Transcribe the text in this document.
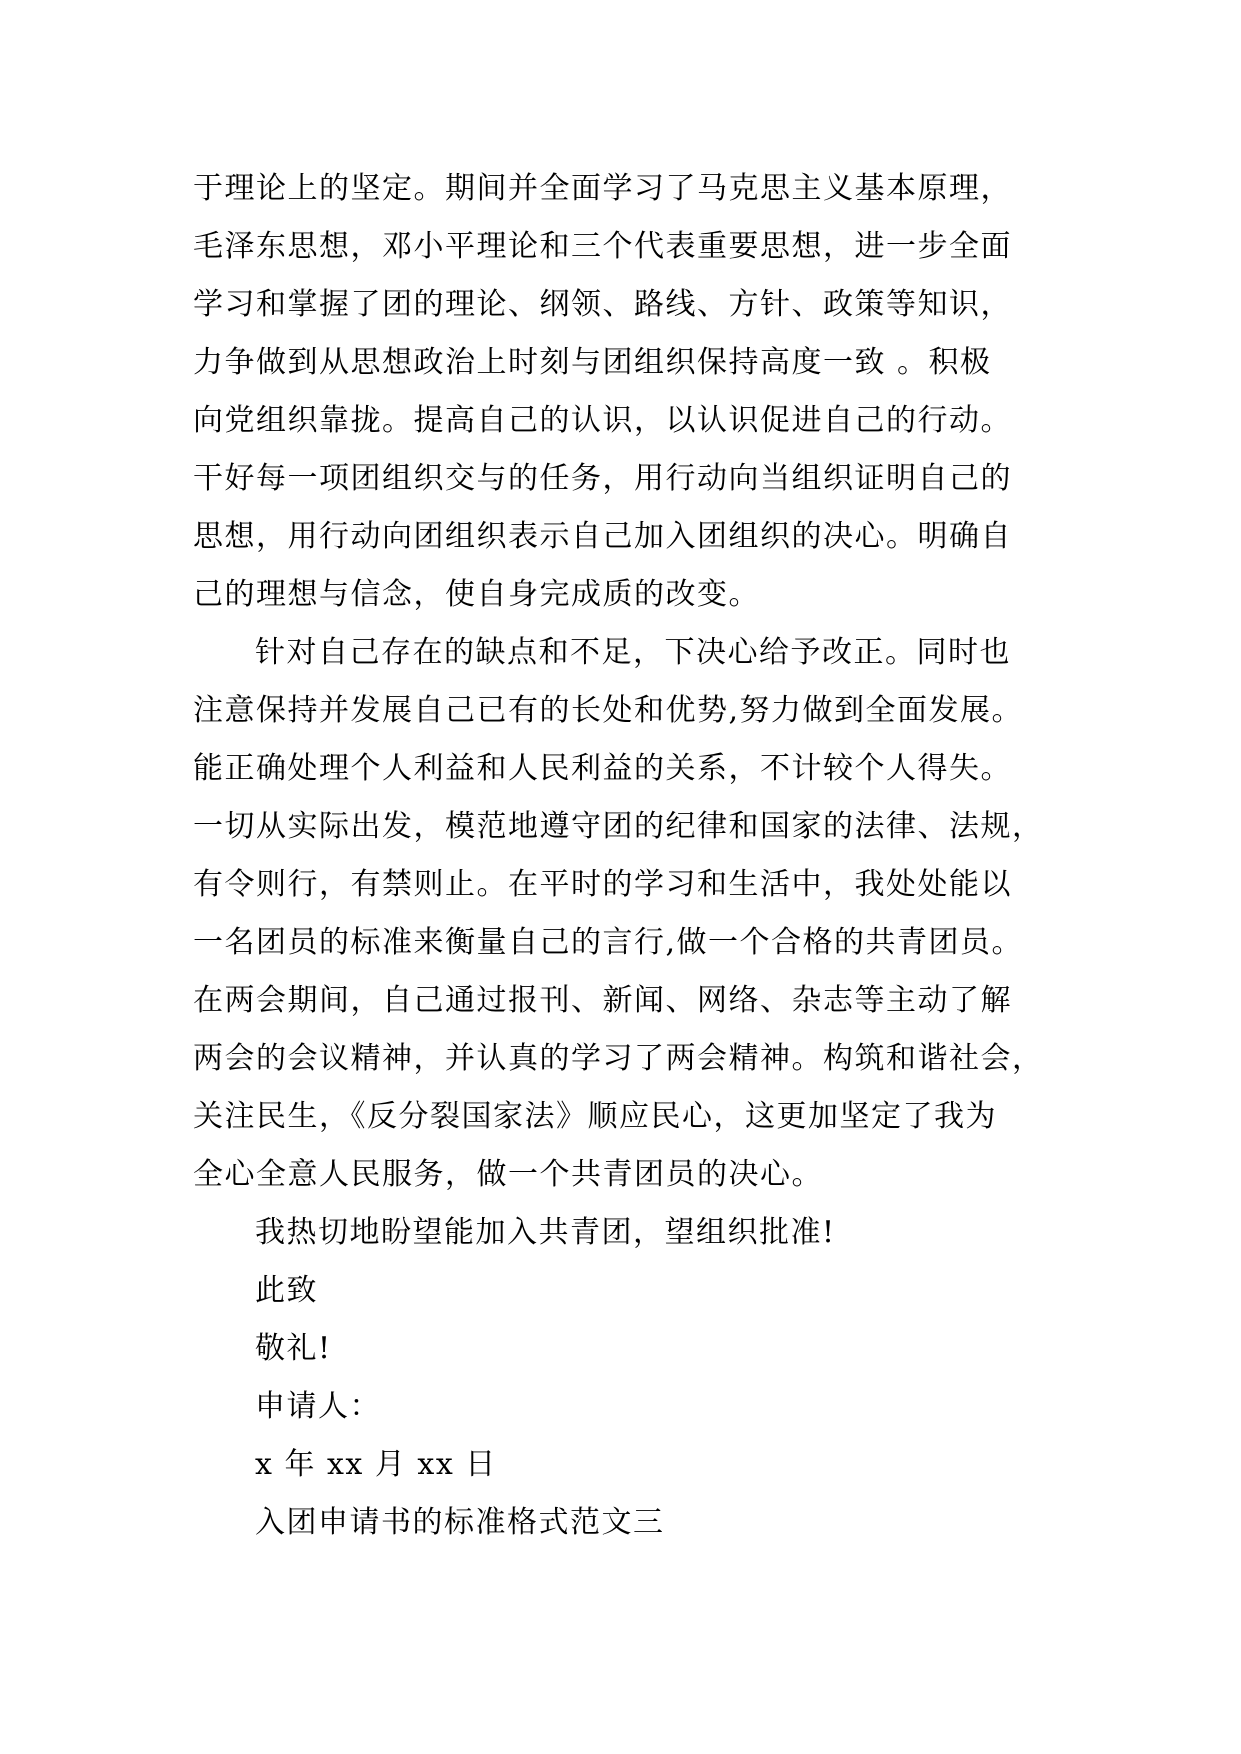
于理论上的坚定。期间并全面学习了马克思主义基本原理，
毛泽东思想，邓小平理论和三个代表重要思想，进一步全面
学习和掌握了团的理论、纲领、路线、方针、政策等知识，
力争做到从思想政治上时刻与团组织保持高度一致 。积极
向党组织靠拢。提高自己的认识，以认识促进自己的行动。
干好每一项团组织交与的任务，用行动向当组织证明自己的
思想，用行动向团组织表示自己加入团组织的决心。明确自
己的理想与信念，使自身完成质的改变。
针对自己存在的缺点和不足，下决心给予改正。同时也
注意保持并发展自己已有的长处和优势,努力做到全面发展。
能正确处理个人利益和人民利益的关系，不计较个人得失。
一切从实际出发，模范地遵守团的纪律和国家的法律、法规，
有令则行，有禁则止。在平时的学习和生活中，我处处能以
一名团员的标准来衡量自己的言行,做一个合格的共青团员。
在两会期间，自己通过报刊、新闻、网络、杂志等主动了解
两会的会议精神，并认真的学习了两会精神。构筑和谐社会，
关注民生，《反分裂国家法》顺应民心，这更加坚定了我为
全心全意人民服务，做一个共青团员的决心。
我热切地盼望能加入共青团，望组织批准!
此致
敬礼!
申请人：
x 年 xx 月 xx 日
入团申请书的标准格式范文三
